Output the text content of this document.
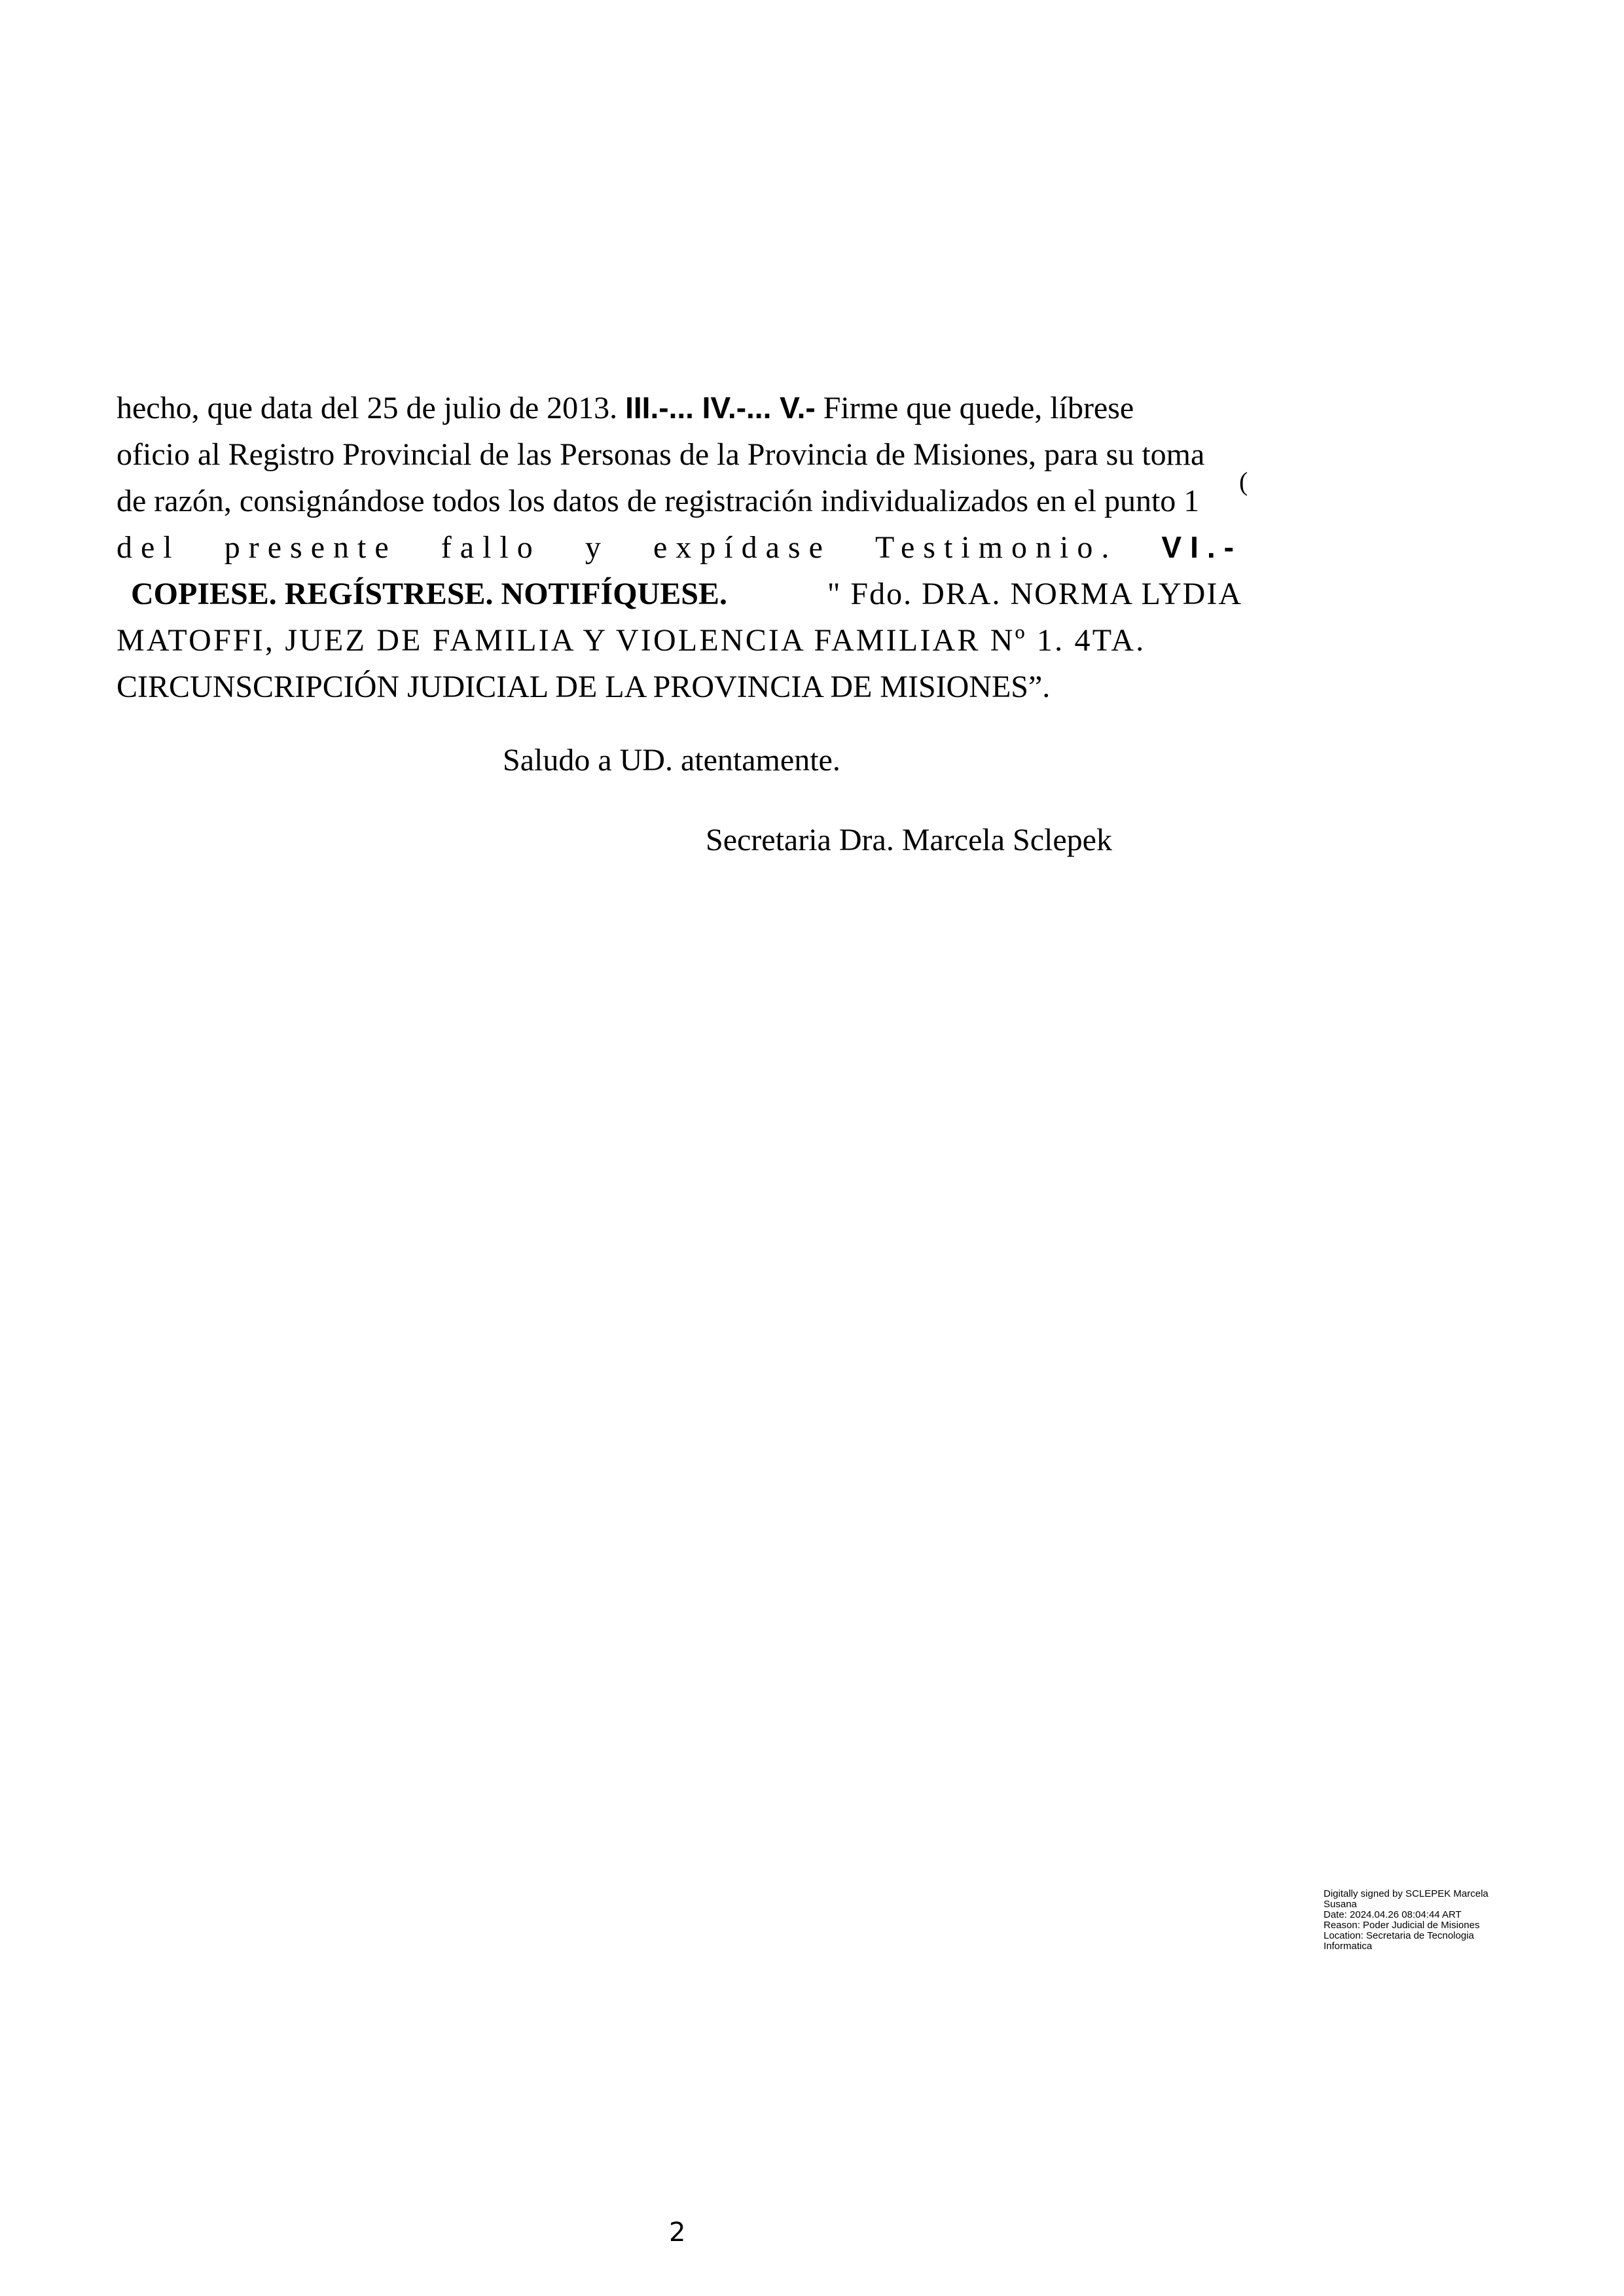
hecho, que data del 25 de julio de 2013. III.-... IV.-... V.- Firme que quede, líbrese
oficio al Registro Provincial de las Personas de la Provincia de Misiones, para su toma
de razón, consignándose todos los datos de registración individualizados en el punto 1
del presente fallo y expídase Testimonio. VI.-
COPIESE. REGÍSTRESE. NOTIFÍQUESE.	" Fdo. DRA. NORMA LYDIA
MATOFFI, JUEZ DE FAMILIA Y VIOLENCIA FAMILIAR Nº 1. 4TA.
CIRCUNSCRIPCIÓN JUDICIAL DE LA PROVINCIA DE MISIONES”.
(
Saludo a UD. atentamente.
Secretaria Dra. Marcela Sclepek
Digitally signed by SCLEPEK Marcela
Susana
Date: 2024.04.26 08:04:44 ART
Reason: Poder Judicial de Misiones
Location: Secretaria de Tecnologia
Informatica
2
